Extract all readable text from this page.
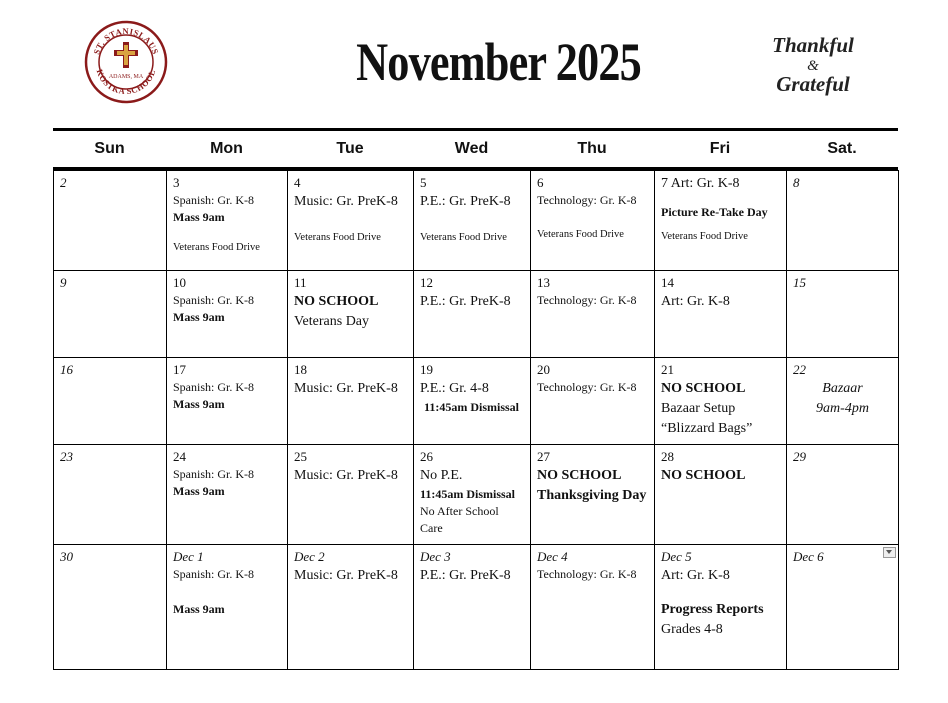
ST. STANISLAUS
KOSTKA SCHOOL
ADAMS, MA	November 2025	Thankful
&
Grateful
Sun	Mon	Tue	Wed	Thu	Fri	Sat.
2	3
Spanish: Gr. K-8
Mass 9am
Veterans Food Drive	4
Music: Gr. PreK-8
Veterans Food Drive	5
P.E.: Gr. PreK-8
Veterans Food Drive	6
Technology: Gr. K-8
Veterans Food Drive	7 Art: Gr. K-8
Picture Re-Take Day
Veterans Food Drive	8

9	10
Spanish: Gr. K-8
Mass 9am	11
NO SCHOOL
Veterans Day	12
P.E.: Gr. PreK-8	13
Technology: Gr. K-8	14
Art: Gr. K-8	15

16	17
Spanish: Gr. K-8
Mass 9am	18
Music: Gr. PreK-8	19
P.E.: Gr. 4-8
11:45am Dismissal	20
Technology: Gr. K-8	21
NO SCHOOL
Bazaar Setup
“Blizzard Bags”	22
Bazaar
9am-4pm

23	24
Spanish: Gr. K-8
Mass 9am	25
Music: Gr. PreK-8	26
No P.E.
11:45am Dismissal
No After School Care	27
NO SCHOOL
Thanksgiving Day	28
NO SCHOOL	29

30	Dec 1
Spanish: Gr. K-8
Mass 9am	Dec 2
Music: Gr. PreK-8	Dec 3
P.E.: Gr. PreK-8	Dec 4
Technology: Gr. K-8	Dec 5
Art: Gr. K-8
Progress Reports
Grades 4-8	Dec 6
